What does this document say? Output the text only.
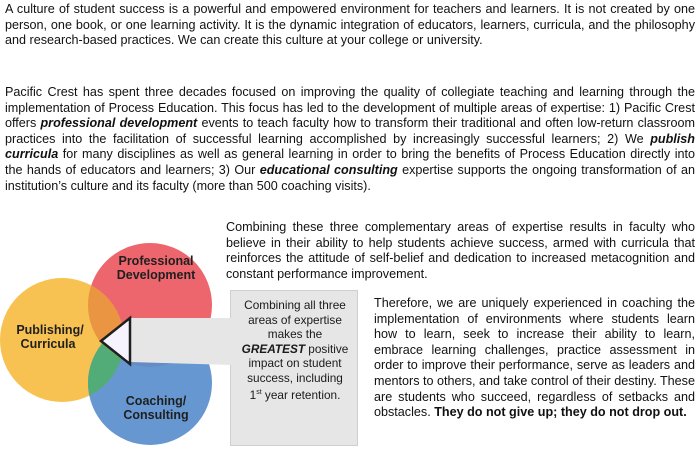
A culture of student success is a powerful and empowered environment for teachers and learners. It is not created by one person, one book, or one learning activity. It is the dynamic integration of educators, learners, curricula, and the philosophy and research-based practices. We can create this culture at your college or university.

Pacific Crest has spent three decades focused on improving the quality of collegiate teaching and learning through the implementation of Process Education. This focus has led to the development of multiple areas of expertise: 1) Pacific Crest offers professional development events to teach faculty how to transform their traditional and often low-return classroom practices into the facilitation of successful learning accomplished by increasingly successful learners; 2) We publish curricula for many disciplines as well as general learning in order to bring the benefits of Process Education directly into the hands of educators and learners; 3) Our educational consulting expertise supports the ongoing transformation of an institution’s culture and its faculty (more than 500 coaching visits).

Combining these three complementary areas of expertise results in faculty who believe in their ability to help students achieve success, armed with curricula that reinforces the attitude of self-belief and dedication to increased metacognition and constant performance improvement.

Therefore, we are uniquely experienced in coaching the implementation of environments where students learn how to learn, seek to increase their ability to learn, embrace learning challenges, practice assessment in order to improve their performance, serve as leaders and mentors to others, and take control of their destiny. These are students who succeed, regardless of setbacks and obstacles. They do not give up; they do not drop out.

Professional
Development
Publishing/
Curricula
Coaching/
Consulting
Combining all three areas of expertise makes the GREATEST positive impact on student success, including 1st year retention.
